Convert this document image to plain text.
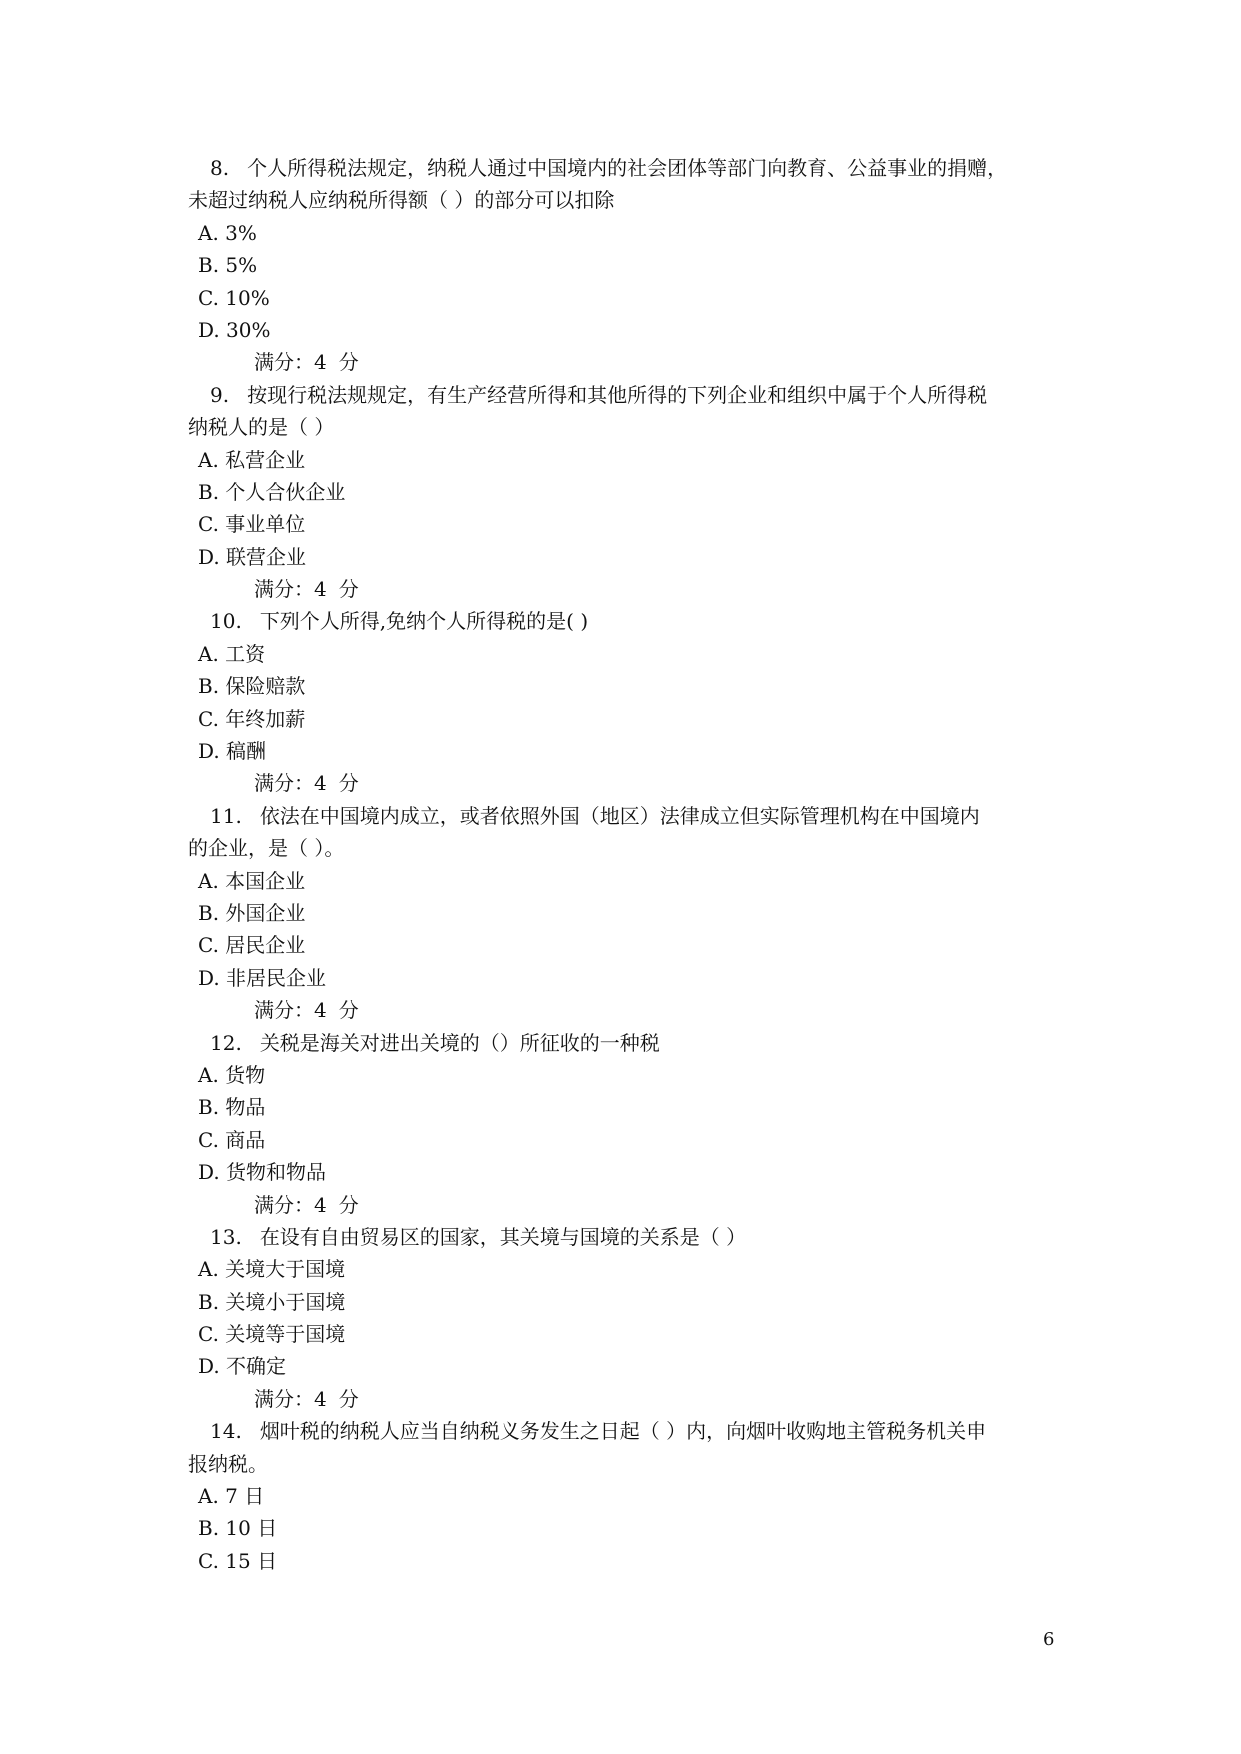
8. 个人所得税法规定，纳税人通过中国境内的社会团体等部门向教育、公益事业的捐赠，
未超过纳税人应纳税所得额（ ）的部分可以扣除
A. 3%
B. 5%
C. 10%
D. 30%
满分：4 分
9. 按现行税法规规定，有生产经营所得和其他所得的下列企业和组织中属于个人所得税
纳税人的是（ ）
A. 私营企业
B. 个人合伙企业
C. 事业单位
D. 联营企业
满分：4 分
10. 下列个人所得,免纳个人所得税的是( )
A. 工资
B. 保险赔款
C. 年终加薪
D. 稿酬
满分：4 分
11. 依法在中国境内成立，或者依照外国（地区）法律成立但实际管理机构在中国境内
的企业，是（ ）。
A. 本国企业
B. 外国企业
C. 居民企业
D. 非居民企业
满分：4 分
12. 关税是海关对进出关境的（）所征收的一种税
A. 货物
B. 物品
C. 商品
D. 货物和物品
满分：4 分
13. 在设有自由贸易区的国家，其关境与国境的关系是（ ）
A. 关境大于国境
B. 关境小于国境
C. 关境等于国境
D. 不确定
满分：4 分
14. 烟叶税的纳税人应当自纳税义务发生之日起（ ）内，向烟叶收购地主管税务机关申
报纳税。
A. 7 日
B. 10 日
C. 15 日
6
